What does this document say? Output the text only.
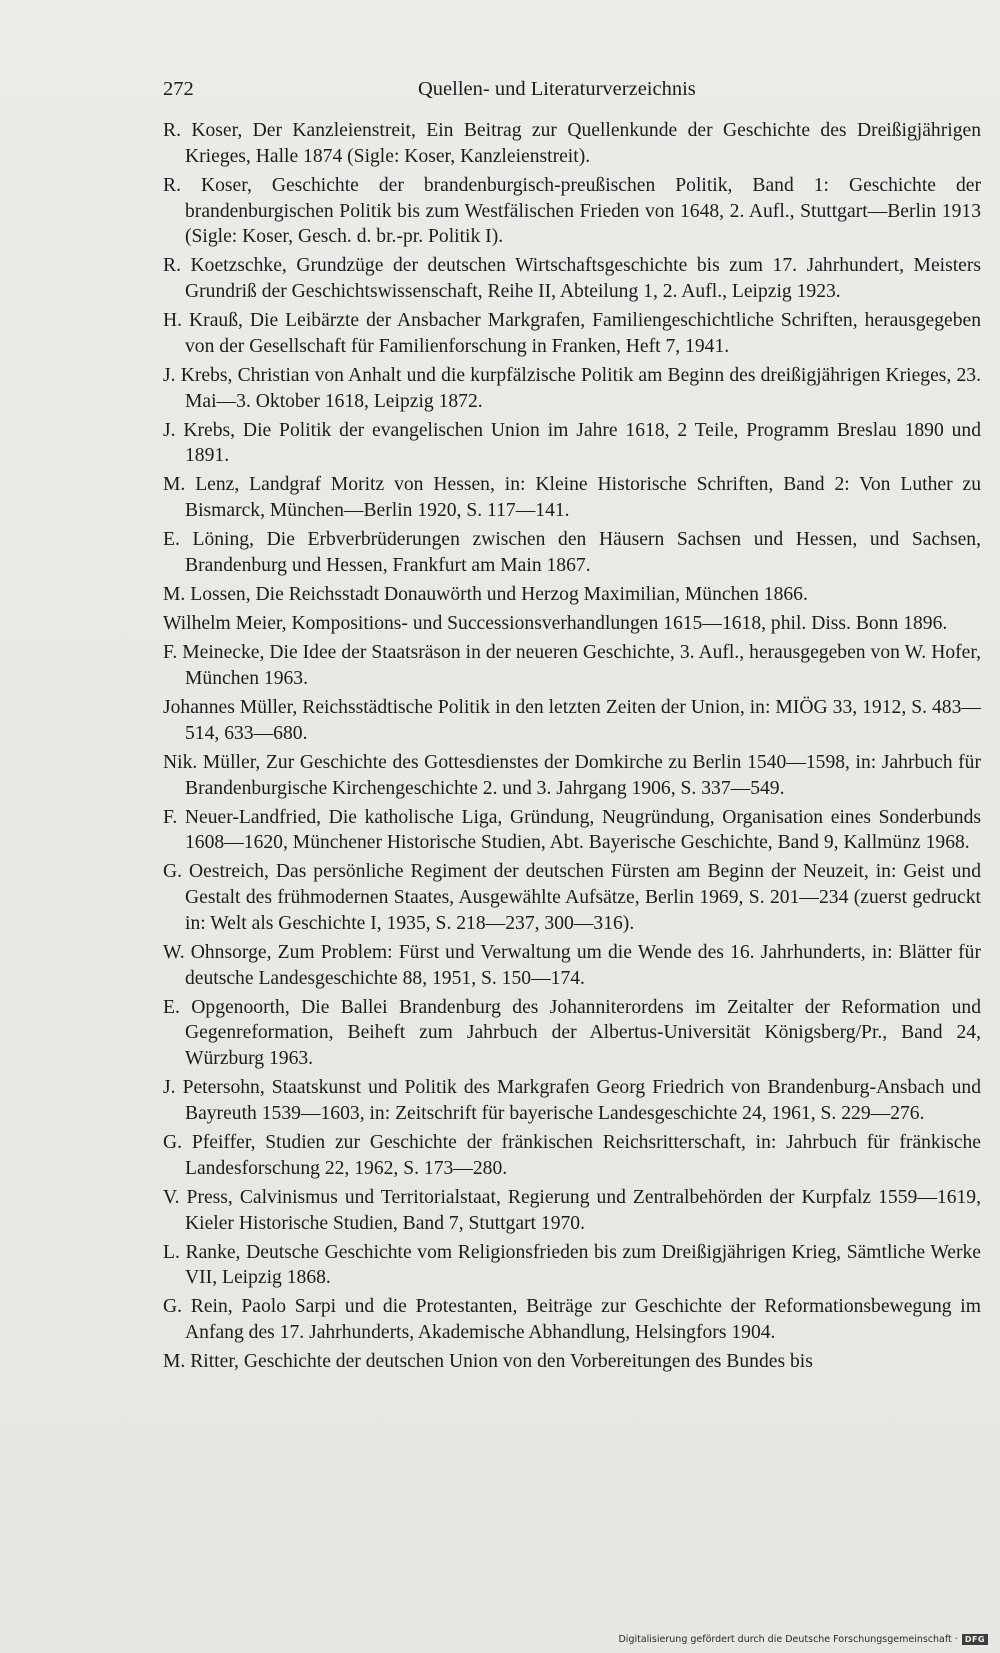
272	Quellen- und Literaturverzeichnis
R. Koser, Der Kanzleienstreit, Ein Beitrag zur Quellenkunde der Geschichte des Dreißigjährigen Krieges, Halle 1874 (Sigle: Koser, Kanzleienstreit).
R. Koser, Geschichte der brandenburgisch-preußischen Politik, Band 1: Geschichte der brandenburgischen Politik bis zum Westfälischen Frieden von 1648, 2. Aufl., Stuttgart—Berlin 1913 (Sigle: Koser, Gesch. d. br.-pr. Politik I).
R. Koetzschke, Grundzüge der deutschen Wirtschaftsgeschichte bis zum 17. Jahrhundert, Meisters Grundriß der Geschichtswissenschaft, Reihe II, Abteilung 1, 2. Aufl., Leipzig 1923.
H. Krauß, Die Leibärzte der Ansbacher Markgrafen, Familiengeschichtliche Schriften, herausgegeben von der Gesellschaft für Familienforschung in Franken, Heft 7, 1941.
J. Krebs, Christian von Anhalt und die kurpfälzische Politik am Beginn des dreißigjährigen Krieges, 23. Mai—3. Oktober 1618, Leipzig 1872.
J. Krebs, Die Politik der evangelischen Union im Jahre 1618, 2 Teile, Programm Breslau 1890 und 1891.
M. Lenz, Landgraf Moritz von Hessen, in: Kleine Historische Schriften, Band 2: Von Luther zu Bismarck, München—Berlin 1920, S. 117—141.
E. Löning, Die Erbverbrüderungen zwischen den Häusern Sachsen und Hessen, und Sachsen, Brandenburg und Hessen, Frankfurt am Main 1867.
M. Lossen, Die Reichsstadt Donauwörth und Herzog Maximilian, München 1866.
Wilhelm Meier, Kompositions- und Successionsverhandlungen 1615—1618, phil. Diss. Bonn 1896.
F. Meinecke, Die Idee der Staatsräson in der neueren Geschichte, 3. Aufl., herausgegeben von W. Hofer, München 1963.
Johannes Müller, Reichsstädtische Politik in den letzten Zeiten der Union, in: MIÖG 33, 1912, S. 483—514, 633—680.
Nik. Müller, Zur Geschichte des Gottesdienstes der Domkirche zu Berlin 1540—1598, in: Jahrbuch für Brandenburgische Kirchengeschichte 2. und 3. Jahrgang 1906, S. 337—549.
F. Neuer-Landfried, Die katholische Liga, Gründung, Neugründung, Organisation eines Sonderbunds 1608—1620, Münchener Historische Studien, Abt. Bayerische Geschichte, Band 9, Kallmünz 1968.
G. Oestreich, Das persönliche Regiment der deutschen Fürsten am Beginn der Neuzeit, in: Geist und Gestalt des frühmodernen Staates, Ausgewählte Aufsätze, Berlin 1969, S. 201—234 (zuerst gedruckt in: Welt als Geschichte I, 1935, S. 218—237, 300—316).
W. Ohnsorge, Zum Problem: Fürst und Verwaltung um die Wende des 16. Jahrhunderts, in: Blätter für deutsche Landesgeschichte 88, 1951, S. 150—174.
E. Opgenoorth, Die Ballei Brandenburg des Johanniterordens im Zeitalter der Reformation und Gegenreformation, Beiheft zum Jahrbuch der Albertus-Universität Königsberg/Pr., Band 24, Würzburg 1963.
J. Petersohn, Staatskunst und Politik des Markgrafen Georg Friedrich von Brandenburg-Ansbach und Bayreuth 1539—1603, in: Zeitschrift für bayerische Landesgeschichte 24, 1961, S. 229—276.
G. Pfeiffer, Studien zur Geschichte der fränkischen Reichsritterschaft, in: Jahrbuch für fränkische Landesforschung 22, 1962, S. 173—280.
V. Press, Calvinismus und Territorialstaat, Regierung und Zentralbehörden der Kurpfalz 1559—1619, Kieler Historische Studien, Band 7, Stuttgart 1970.
L. Ranke, Deutsche Geschichte vom Religionsfrieden bis zum Dreißigjährigen Krieg, Sämtliche Werke VII, Leipzig 1868.
G. Rein, Paolo Sarpi und die Protestanten, Beiträge zur Geschichte der Reformationsbewegung im Anfang des 17. Jahrhunderts, Akademische Abhandlung, Helsingfors 1904.
M. Ritter, Geschichte der deutschen Union von den Vorbereitungen des Bundes bis
Digitalisierung gefördert durch die Deutsche Forschungsgemeinschaft · DFG
